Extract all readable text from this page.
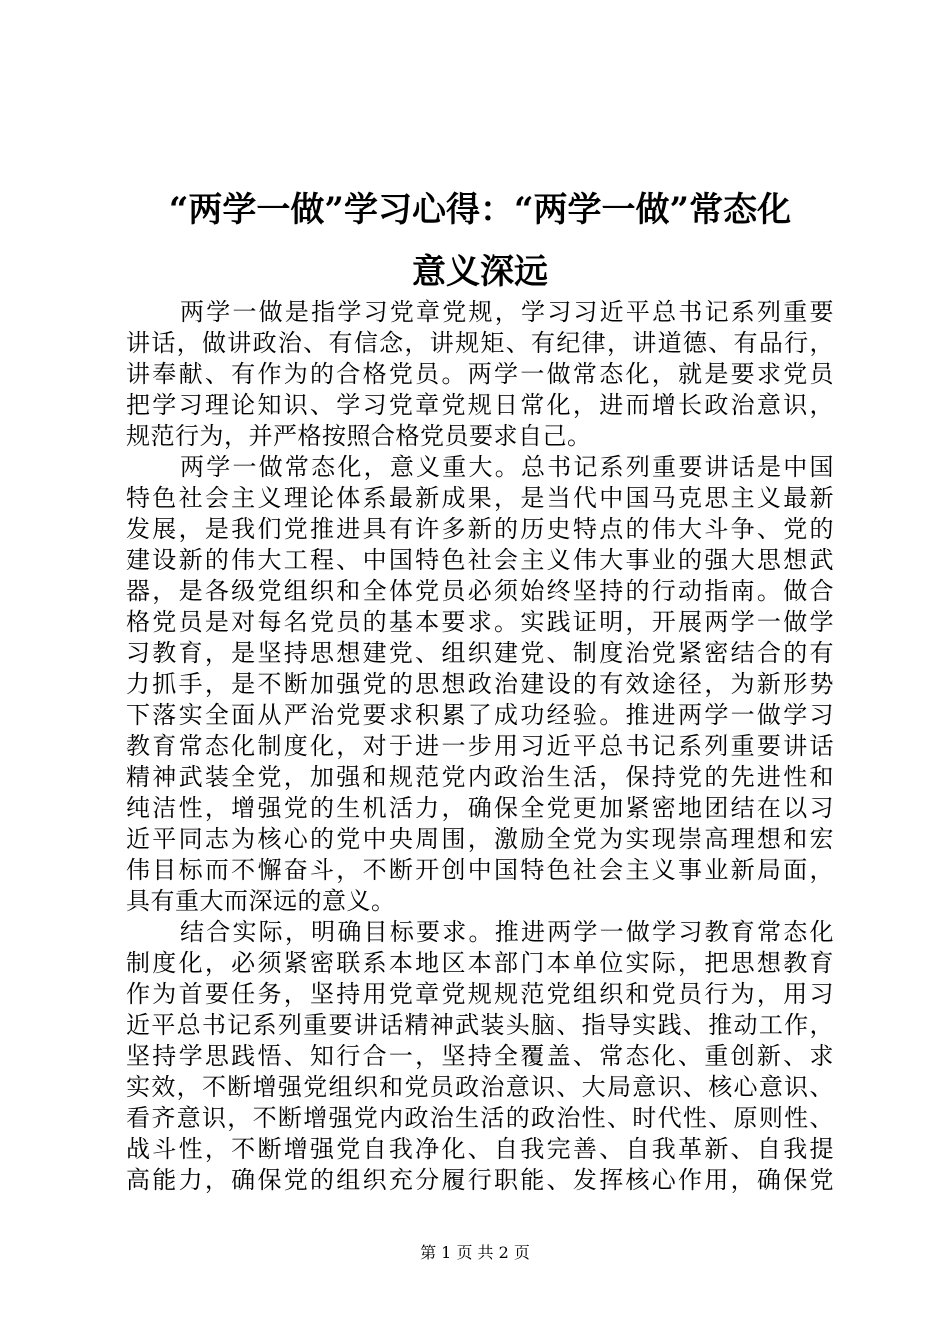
“两学一做”学习心得：“两学一做”常态化
意义深远
两学一做是指学习党章党规，学习习近平总书记系列重要
讲话，做讲政治、有信念，讲规矩、有纪律，讲道德、有品行，
讲奉献、有作为的合格党员。两学一做常态化，就是要求党员
把学习理论知识、学习党章党规日常化，进而增长政治意识，
规范行为，并严格按照合格党员要求自己。
两学一做常态化，意义重大。总书记系列重要讲话是中国
特色社会主义理论体系最新成果，是当代中国马克思主义最新
发展，是我们党推进具有许多新的历史特点的伟大斗争、党的
建设新的伟大工程、中国特色社会主义伟大事业的强大思想武
器，是各级党组织和全体党员必须始终坚持的行动指南。做合
格党员是对每名党员的基本要求。实践证明，开展两学一做学
习教育，是坚持思想建党、组织建党、制度治党紧密结合的有
力抓手，是不断加强党的思想政治建设的有效途径，为新形势
下落实全面从严治党要求积累了成功经验。推进两学一做学习
教育常态化制度化，对于进一步用习近平总书记系列重要讲话
精神武装全党，加强和规范党内政治生活，保持党的先进性和
纯洁性，增强党的生机活力，确保全党更加紧密地团结在以习
近平同志为核心的党中央周围，激励全党为实现崇高理想和宏
伟目标而不懈奋斗，不断开创中国特色社会主义事业新局面，
具有重大而深远的意义。
结合实际，明确目标要求。推进两学一做学习教育常态化
制度化，必须紧密联系本地区本部门本单位实际，把思想教育
作为首要任务，坚持用党章党规规范党组织和党员行为，用习
近平总书记系列重要讲话精神武装头脑、指导实践、推动工作，
坚持学思践悟、知行合一，坚持全覆盖、常态化、重创新、求
实效，不断增强党组织和党员政治意识、大局意识、核心意识、
看齐意识，不断增强党内政治生活的政治性、时代性、原则性、
战斗性，不断增强党自我净化、自我完善、自我革新、自我提
高能力，确保党的组织充分履行职能、发挥核心作用，确保党
第 1 页 共 2 页
